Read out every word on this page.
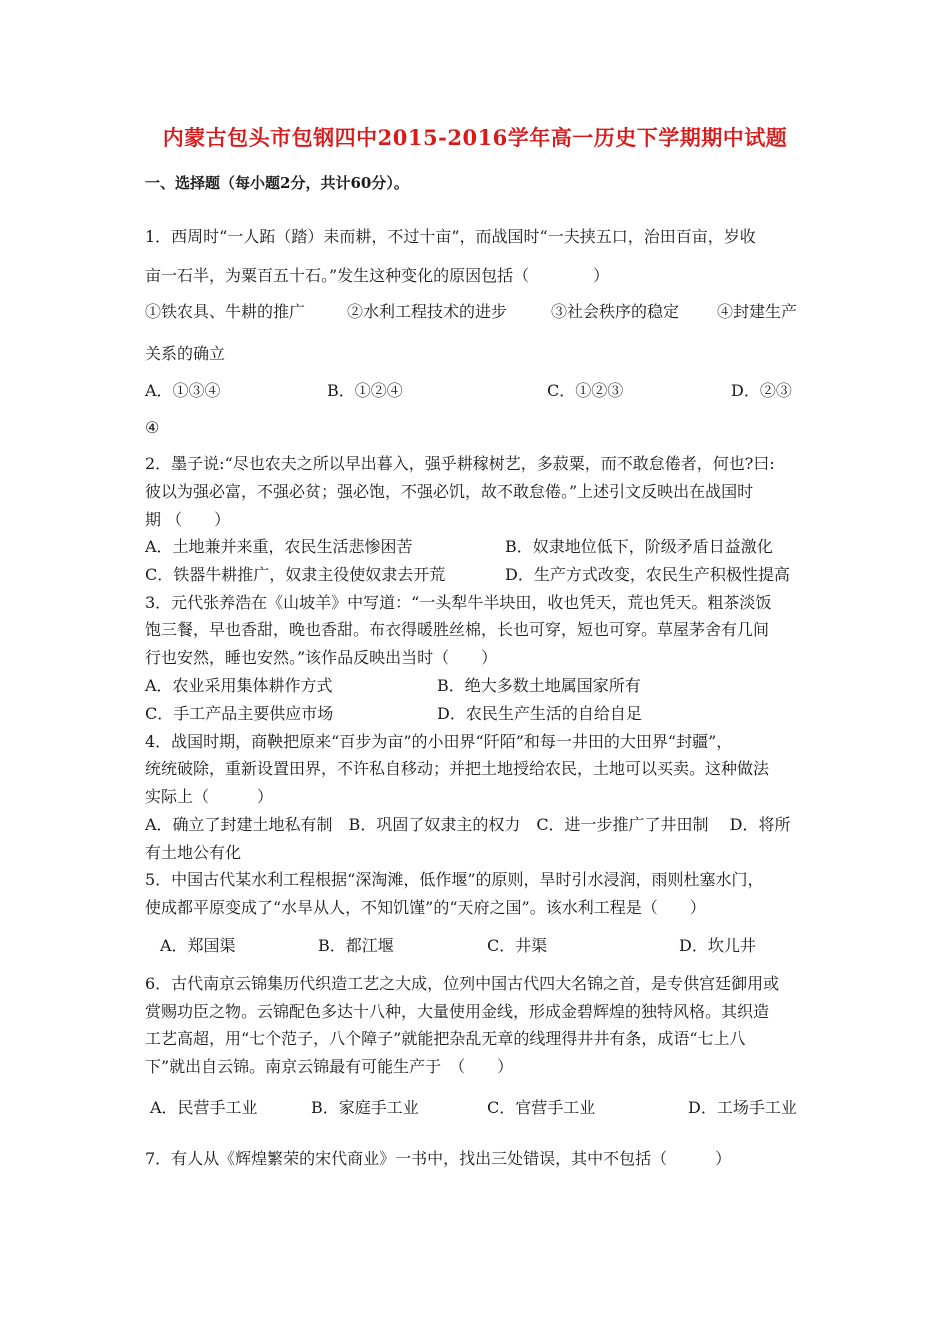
内蒙古包头市包钢四中2015-2016学年高一历史下学期期中试题
一、选择题（每小题2分，共计60分）。
1．西周时“一人跖（踏）耒而耕，不过十亩”，而战国时“一夫挟五口，治田百亩，岁收
亩一石半，为粟百五十石。”发生这种变化的原因包括（　　　　）
①铁农具、牛耕的推广	②水利工程技术的进步	③社会秩序的稳定 ④封建生产
关系的确立
A．①③④	B．①②④	C．①②③	D．②③
④
2．墨子说:“尽也农夫之所以早出暮入，强乎耕稼树艺，多菽粟，而不敢怠倦者，何也?曰:
彼以为强必富，不强必贫；强必饱，不强必饥，故不敢怠倦。”上述引文反映出在战国时
期 （　　）
A．土地兼并来重，农民生活悲惨困苦	B．奴隶地位低下，阶级矛盾日益激化
C．铁器牛耕推广，奴隶主役使奴隶去开荒	D．生产方式改变，农民生产积极性提高
3．元代张养浩在《山坡羊》中写道：“一头犁牛半块田，收也凭天，荒也凭天。粗茶淡饭
饱三餐，早也香甜，晚也香甜。布衣得暖胜丝棉，长也可穿，短也可穿。草屋茅舍有几间
行也安然，睡也安然。”该作品反映出当时（　　）
A．农业采用集体耕作方式	B．绝大多数土地属国家所有
C．手工产品主要供应市场	D．农民生产生活的自给自足
4．战国时期，商鞅把原来“百步为亩”的小田界“阡陌”和每一井田的大田界“封疆”，
统统破除，重新设置田界，不许私自移动；并把土地授给农民，土地可以买卖。这种做法
实际上（　　　）
A．确立了封建土地私有制　B．巩固了奴隶主的权力　C．进一步推广了井田制　 D．将所
有土地公有化
5．中国古代某水利工程根据“深淘滩，低作堰”的原则，旱时引水浸润，雨则杜塞水门，
使成都平原变成了“水旱从人，不知饥馑”的“天府之国”。该水利工程是（　　）
A．郑国渠	B．都江堰	C．井渠	D．坎儿井
6．古代南京云锦集历代织造工艺之大成，位列中国古代四大名锦之首，是专供宫廷御用或
赏赐功臣之物。云锦配色多达十八种，大量使用金线，形成金碧辉煌的独特风格。其织造
工艺高超，用“七个范子，八个障子”就能把杂乱无章的线理得井井有条，成语“七上八
下”就出自云锦。南京云锦最有可能生产于　（　　）
A．民营手工业	B．家庭手工业	C．官营手工业	D．工场手工业
7．有人从《辉煌繁荣的宋代商业》一书中，找出三处错误，其中不包括（　　　）
